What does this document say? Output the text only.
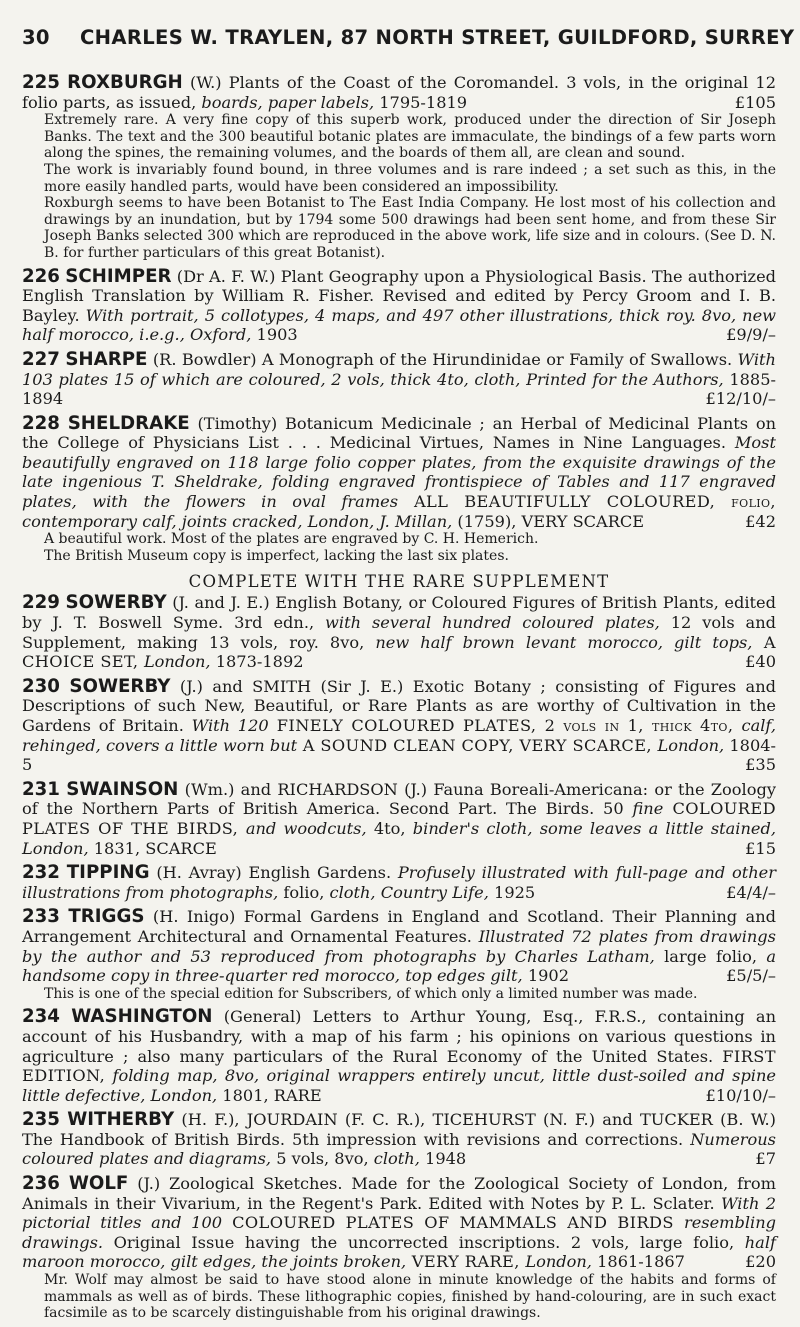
30 CHARLES W. TRAYLEN, 87 NORTH STREET, GUILDFORD, SURREY

225 ROXBURGH (W.) Plants of the Coast of the Coromandel. 3 vols, in the original 12 folio parts, as issued, boards, paper labels, 1795-1819	£105

Extremely rare. A very fine copy of this superb work, produced under the direction of Sir Joseph Banks. The text and the 300 beautiful botanic plates are immaculate, the bindings of a few parts worn along the spines, the remaining volumes, and the boards of them all, are clean and sound.

The work is invariably found bound, in three volumes and is rare indeed ; a set such as this, in the more easily handled parts, would have been considered an impossibility.

Roxburgh seems to have been Botanist to The East India Company. He lost most of his collection and drawings by an inundation, but by 1794 some 500 drawings had been sent home, and from these Sir Joseph Banks selected 300 which are reproduced in the above work, life size and in colours. (See D. N. B. for further particulars of this great Botanist).

226 SCHIMPER (Dr A. F. W.) Plant Geography upon a Physiological Basis. The authorized English Translation by William R. Fisher. Revised and edited by Percy Groom and I. B. Bayley. With portrait, 5 collotypes, 4 maps, and 497 other illustrations, thick roy. 8vo, new half morocco, i.e.g., Oxford, 1903	£9/9/–

227 SHARPE (R. Bowdler) A Monograph of the Hirundinidae or Family of Swallows. With 103 plates 15 of which are coloured, 2 vols, thick 4to, cloth, Printed for the Authors, 1885-1894	£12/10/–

228 SHELDRAKE (Timothy) Botanicum Medicinale ; an Herbal of Medicinal Plants on the College of Physicians List . . . Medicinal Virtues, Names in Nine Languages. Most beautifully engraved on 118 large folio copper plates, from the exquisite drawings of the late ingenious T. Sheldrake, folding engraved frontispiece of Tables and 117 engraved plates, with the flowers in oval frames ALL BEAUTIFULLY COLOURED, folio, contemporary calf, joints cracked, London, J. Millan, (1759), VERY SCARCE	£42

A beautiful work. Most of the plates are engraved by C. H. Hemerich.

The British Museum copy is imperfect, lacking the last six plates.

COMPLETE WITH THE RARE SUPPLEMENT

229 SOWERBY (J. and J. E.) English Botany, or Coloured Figures of British Plants, edited by J. T. Boswell Syme. 3rd edn., with several hundred coloured plates, 12 vols and Supplement, making 13 vols, roy. 8vo, new half brown levant morocco, gilt tops, A CHOICE SET, London, 1873-1892	£40

230 SOWERBY (J.) and SMITH (Sir J. E.) Exotic Botany ; consisting of Figures and Descriptions of such New, Beautiful, or Rare Plants as are worthy of Cultivation in the Gardens of Britain. With 120 FINELY COLOURED PLATES, 2 vols in 1, thick 4to, calf, rehinged, covers a little worn but A SOUND CLEAN COPY, VERY SCARCE, London, 1804-5	£35

231 SWAINSON (Wm.) and RICHARDSON (J.) Fauna Boreali-Americana: or the Zoology of the Northern Parts of British America. Second Part. The Birds. 50 fine COLOURED PLATES OF THE BIRDS, and woodcuts, 4to, binder's cloth, some leaves a little stained, London, 1831, SCARCE	£15

232 TIPPING (H. Avray) English Gardens. Profusely illustrated with full-page and other illustrations from photographs, folio, cloth, Country Life, 1925	£4/4/–

233 TRIGGS (H. Inigo) Formal Gardens in England and Scotland. Their Planning and Arrangement Architectural and Ornamental Features. Illustrated 72 plates from drawings by the author and 53 reproduced from photographs by Charles Latham, large folio, a handsome copy in three-quarter red morocco, top edges gilt, 1902	£5/5/–

This is one of the special edition for Subscribers, of which only a limited number was made.

234 WASHINGTON (General) Letters to Arthur Young, Esq., F.R.S., containing an account of his Husbandry, with a map of his farm ; his opinions on various questions in agriculture ; also many particulars of the Rural Economy of the United States. FIRST EDITION, folding map, 8vo, original wrappers entirely uncut, little dust-soiled and spine little defective, London, 1801, RARE	£10/10/–

235 WITHERBY (H. F.), JOURDAIN (F. C. R.), TICEHURST (N. F.) and TUCKER (B. W.) The Handbook of British Birds. 5th impression with revisions and corrections. Numerous coloured plates and diagrams, 5 vols, 8vo, cloth, 1948	£7

236 WOLF (J.) Zoological Sketches. Made for the Zoological Society of London, from Animals in their Vivarium, in the Regent's Park. Edited with Notes by P. L. Sclater. With 2 pictorial titles and 100 COLOURED PLATES OF MAMMALS AND BIRDS resembling drawings. Original Issue having the uncorrected inscriptions. 2 vols, large folio, half maroon morocco, gilt edges, the joints broken, VERY RARE, London, 1861-1867	£20

Mr. Wolf may almost be said to have stood alone in minute knowledge of the habits and forms of mammals as well as of birds. These lithographic copies, finished by hand-colouring, are in such exact facsimile as to be scarcely distinguishable from his original drawings.
